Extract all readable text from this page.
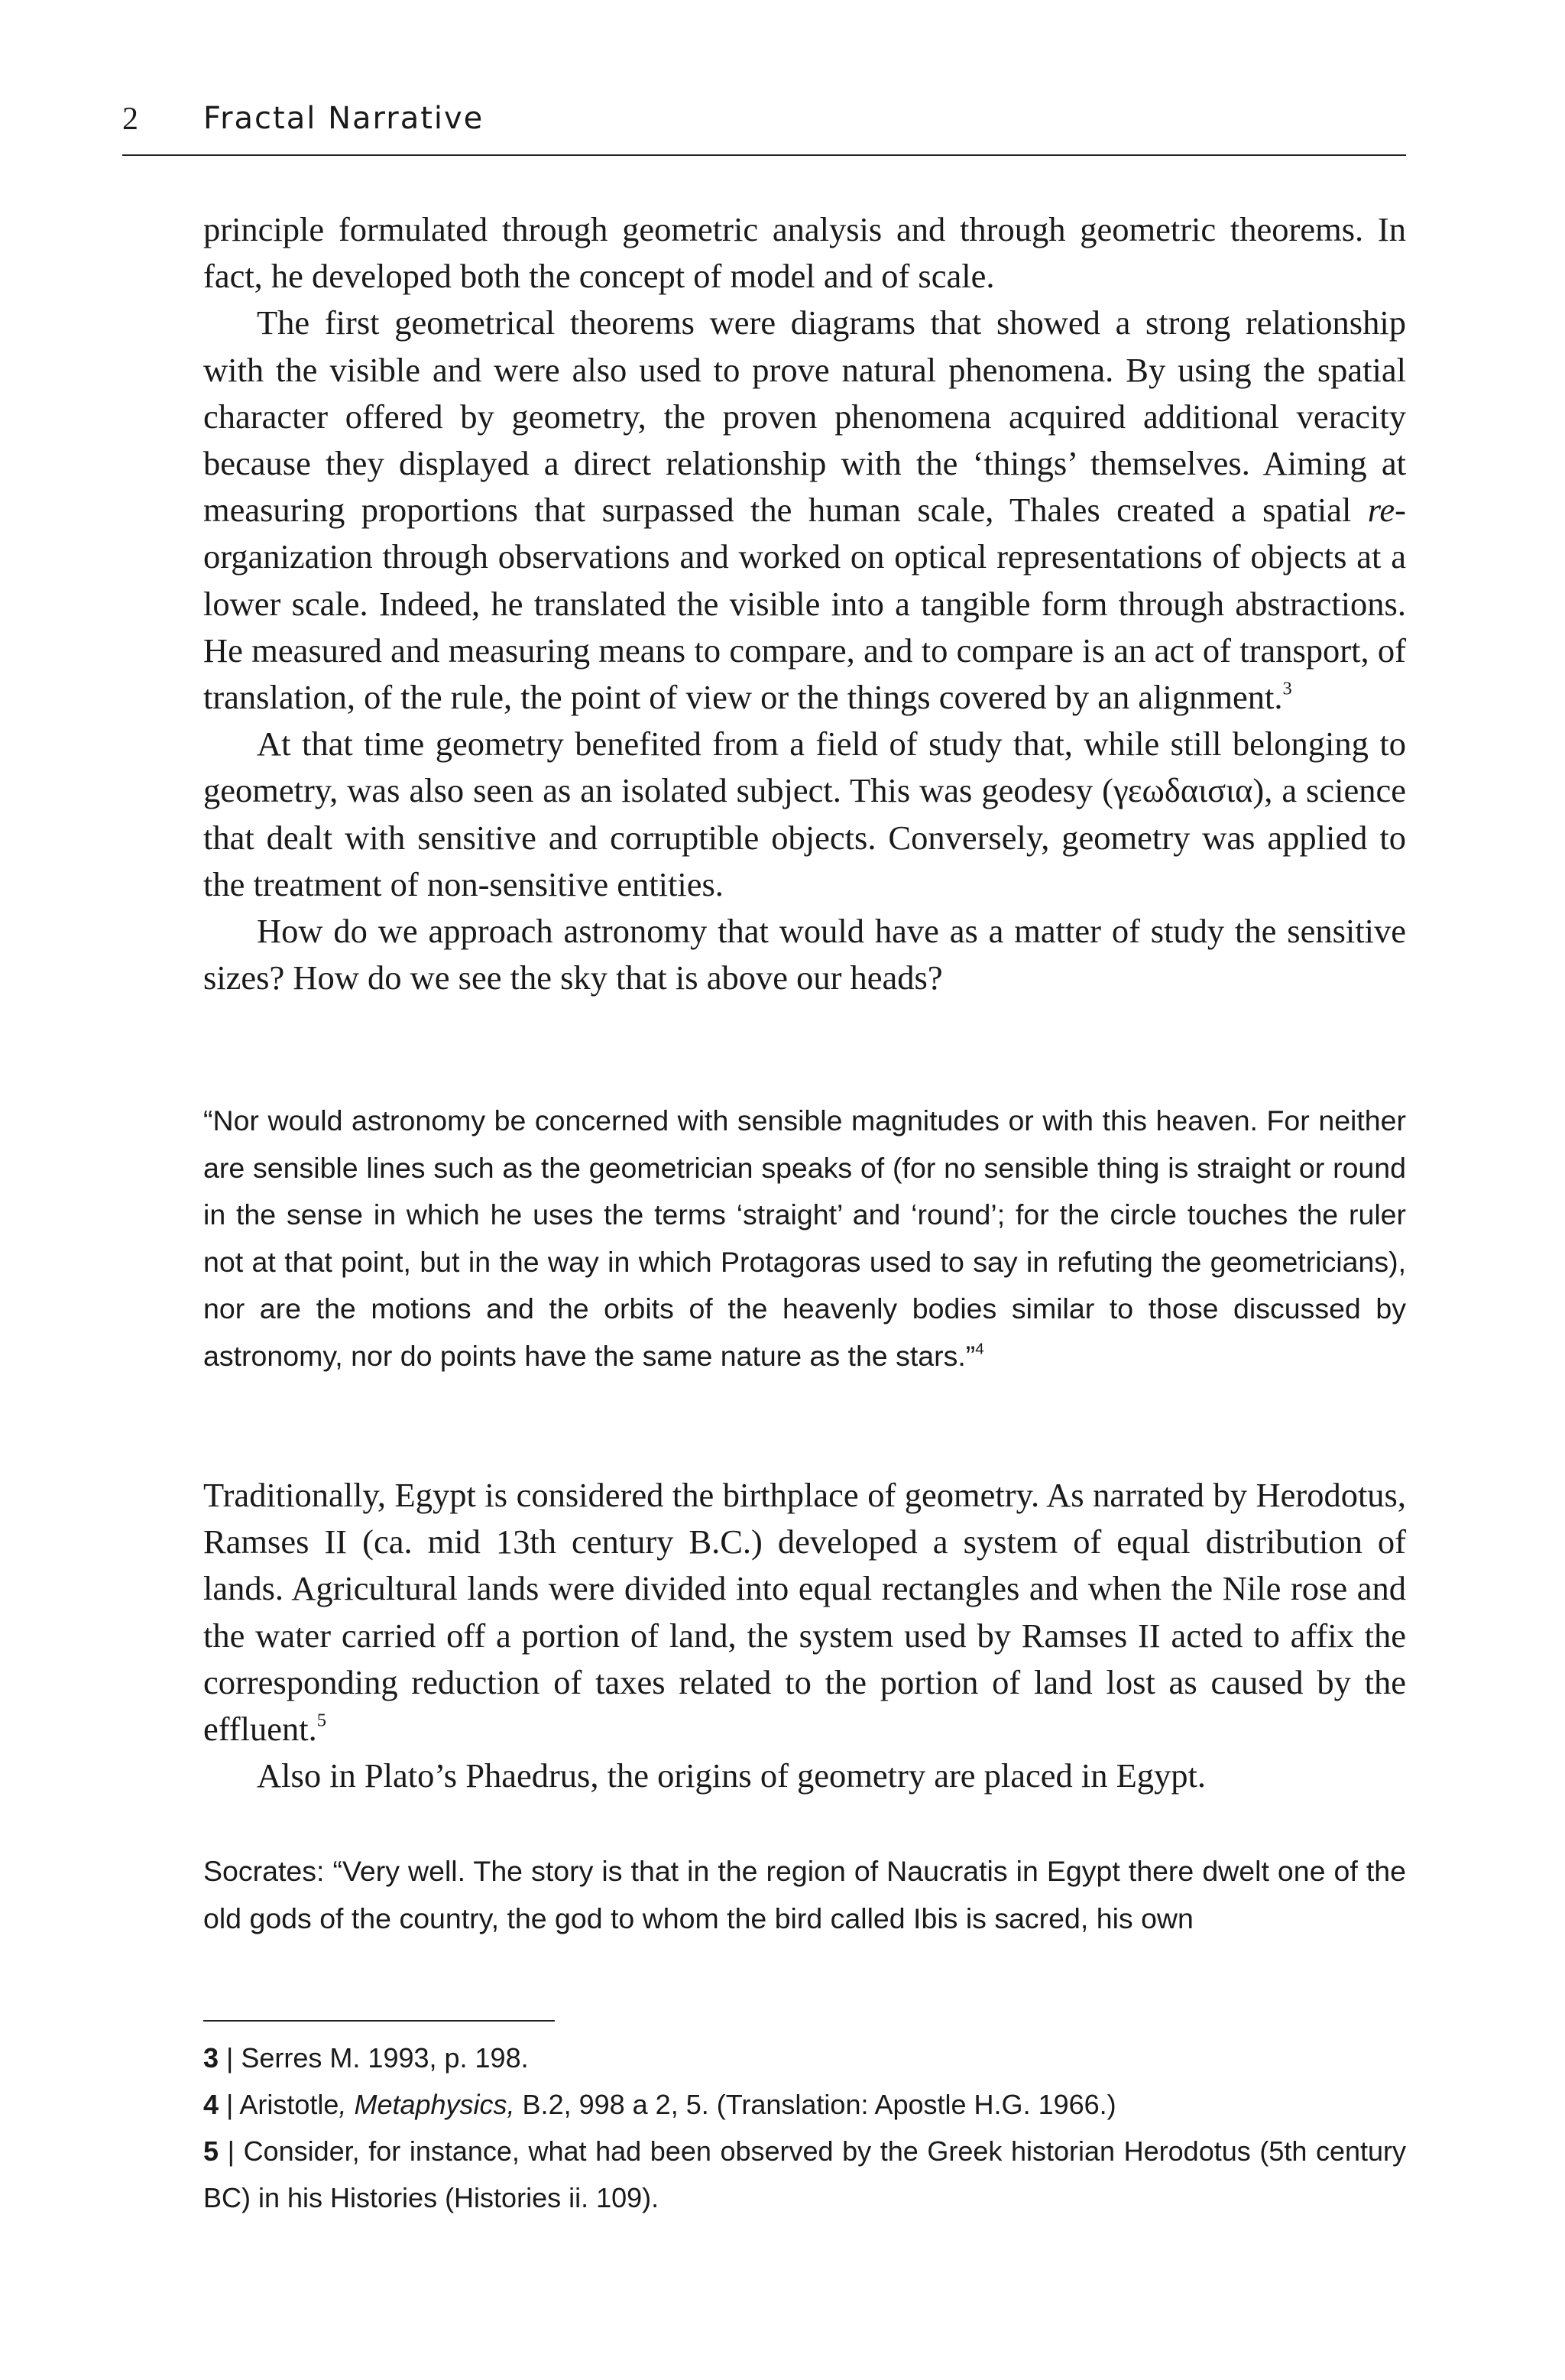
2 Fractal Narrative

principle formulated through geometric analysis and through geometric theorems. In fact, he developed both the concept of model and of scale.

The first geometrical theorems were diagrams that showed a strong relationship with the visible and were also used to prove natural phenomena. By using the spatial character offered by geometry, the proven phenomena acquired additional veracity because they displayed a direct relationship with the ‘things’ themselves. Aiming at measuring proportions that surpassed the human scale, Thales created a spatial re-organization through observations and worked on optical representations of objects at a lower scale. Indeed, he translated the visible into a tangible form through abstractions. He measured and measuring means to compare, and to compare is an act of transport, of translation, of the rule, the point of view or the things covered by an alignment.$^3$

At that time geometry benefited from a field of study that, while still belonging to geometry, was also seen as an isolated subject. This was geodesy (γεωδαισια), a science that dealt with sensitive and corruptible objects. Conversely, geometry was applied to the treatment of non-sensitive entities.

How do we approach astronomy that would have as a matter of study the sensitive sizes? How do we see the sky that is above our heads?

“Nor would astronomy be concerned with sensible magnitudes or with this heaven. For neither are sensible lines such as the geometrician speaks of (for no sensible thing is straight or round in the sense in which he uses the terms ‘straight’ and ‘round’; for the circle touches the ruler not at that point, but in the way in which Protagoras used to say in refuting the geometricians), nor are the motions and the orbits of the heavenly bodies similar to those discussed by astronomy, nor do points have the same nature as the stars.”$^4$

Traditionally, Egypt is considered the birthplace of geometry. As narrated by Herodotus, Ramses II (ca. mid 13th century B.C.) developed a system of equal distribution of lands. Agricultural lands were divided into equal rectangles and when the Nile rose and the water carried off a portion of land, the system used by Ramses II acted to affix the corresponding reduction of taxes related to the portion of land lost as caused by the effluent.$^5$

Also in Plato’s Phaedrus, the origins of geometry are placed in Egypt.

Socrates: “Very well. The story is that in the region of Naucratis in Egypt there dwelt one of the old gods of the country, the god to whom the bird called Ibis is sacred, his own

3 | Serres M. 1993, p. 198.

4 | Aristotle, Metaphysics, B.2, 998 a 2, 5. (Translation: Apostle H.G. 1966.)

5 | Consider, for instance, what had been observed by the Greek historian Herodotus (5th century BC) in his Histories (Histories ii. 109).
